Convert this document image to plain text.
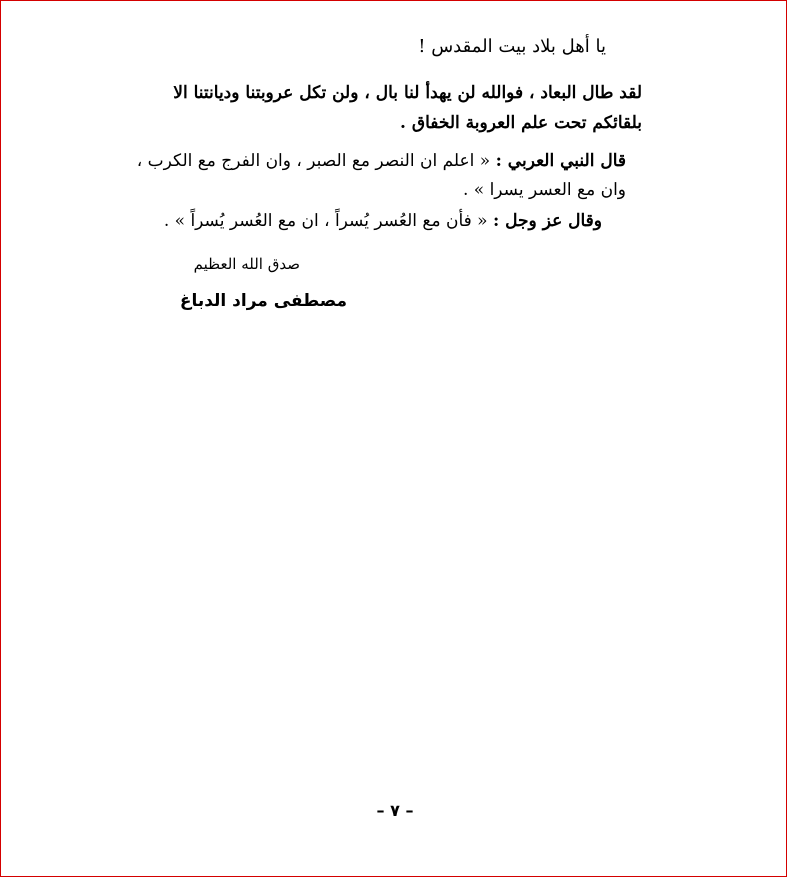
يا أهل بلاد بيت المقدس !
لقد طال البعاد ، فوالله لن يهدأ لنا بال ، ولن تكل عروبتنا وديانتنا الا بلقائكم تحت علم العروبة الخفاق .
قال النبي العربي : « اعلم ان النصر مع الصبر ، وان الفرج مع الكرب ، وان مع العسر يسرا » .
وقال عز وجل : « فأن مع العُسر يُسراً ، ان مع العُسر يُسراً » .
صدق الله العظيم
مصطفى مراد الدباغ
– ٧ –
